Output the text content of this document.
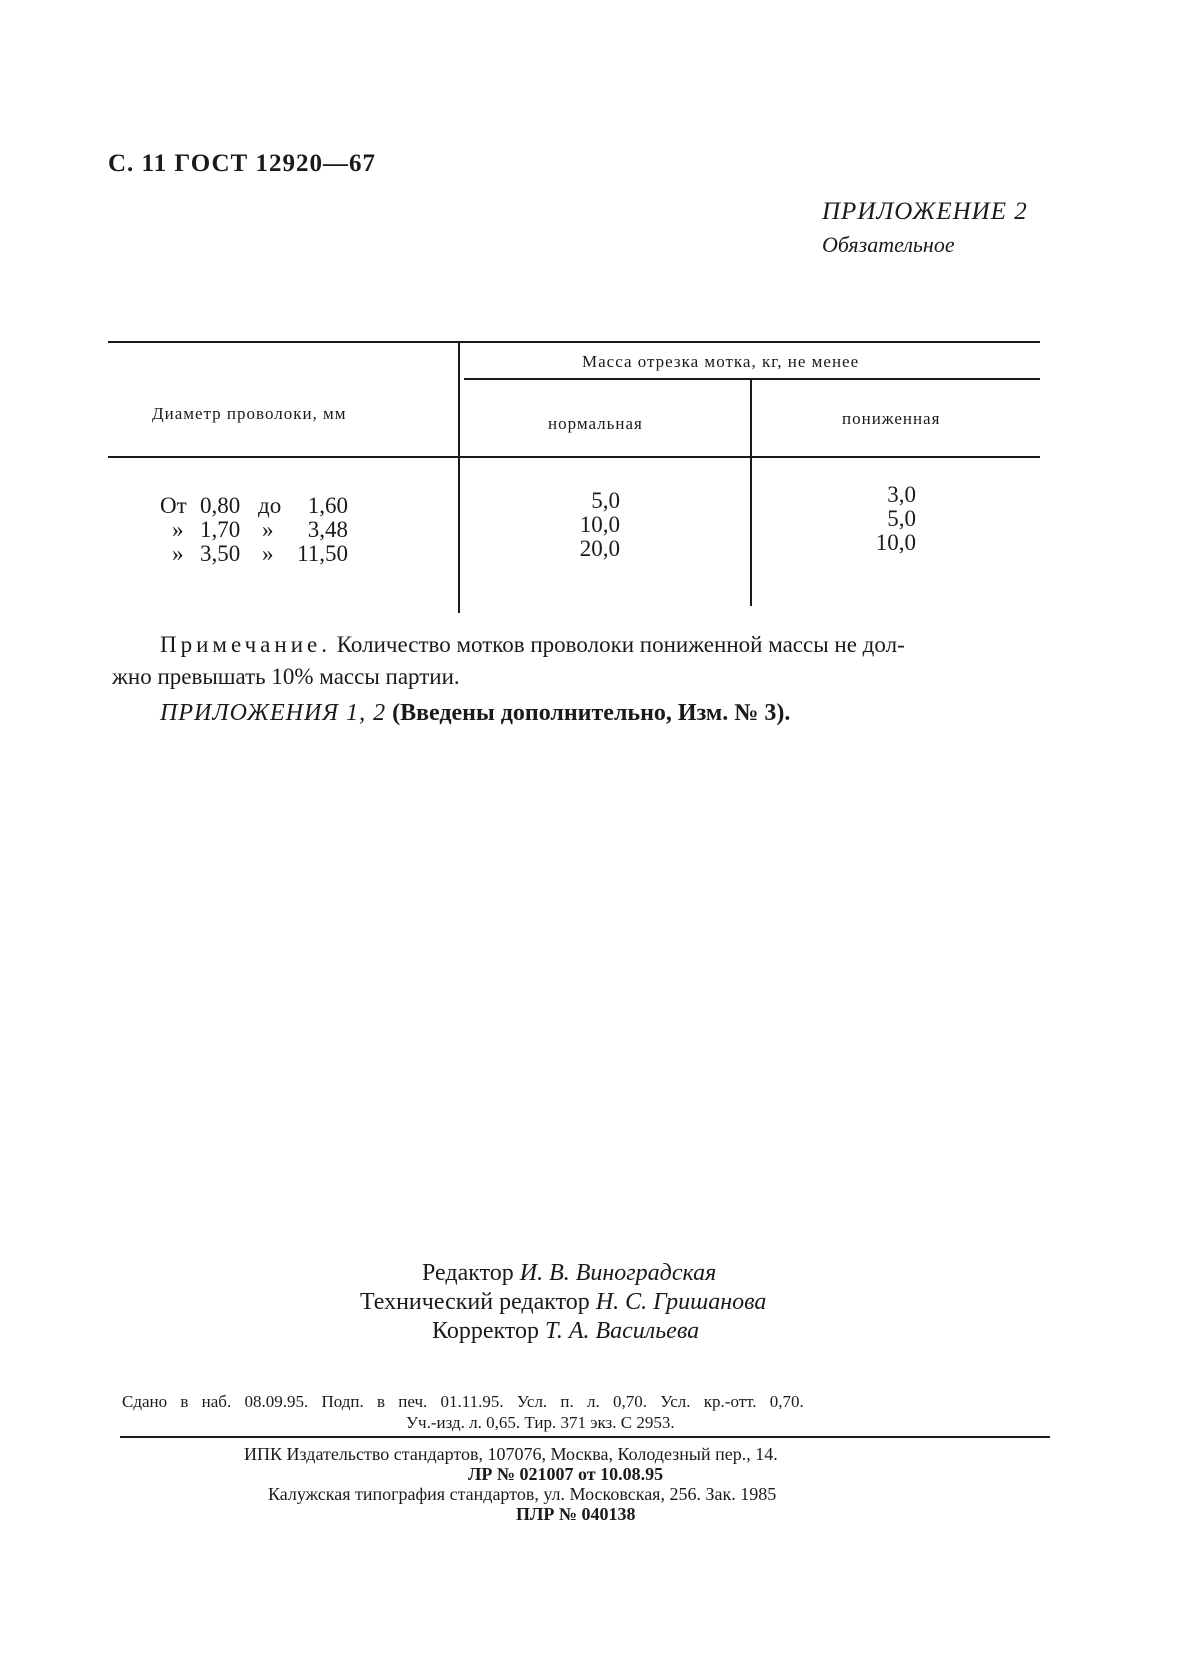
С. 11 ГОСТ 12920—67
ПРИЛОЖЕНИЕ 2
Обязательное
Диаметр проволоки, мм
Масса отрезка мотка, кг, не менее
нормальная	пониженная
От 0,80 до	1,60	5,0	3,0
» 1,70 »	3,48	10,0	5,0
» 3,50 »	11,50	20,0	10,0
Примечание. Количество мотков проволоки пониженной массы не дол-
жно превышать 10% массы партии.
ПРИЛОЖЕНИЯ 1, 2 (Введены дополнительно, Изм. № 3).
Редактор И. В. Виноградская
Технический редактор Н. С. Гришанова
Корректор Т. А. Васильева
Сдано в наб. 08.09.95. Подп. в печ. 01.11.95. Усл. п. л. 0,70. Усл. кр.-отт. 0,70.
Уч.-изд. л. 0,65. Тир. 371 экз. С 2953.
ИПК Издательство стандартов, 107076, Москва, Колодезный пер., 14.
ЛР № 021007 от 10.08.95
Калужская типография стандартов, ул. Московская, 256. Зак. 1985
ПЛР № 040138
